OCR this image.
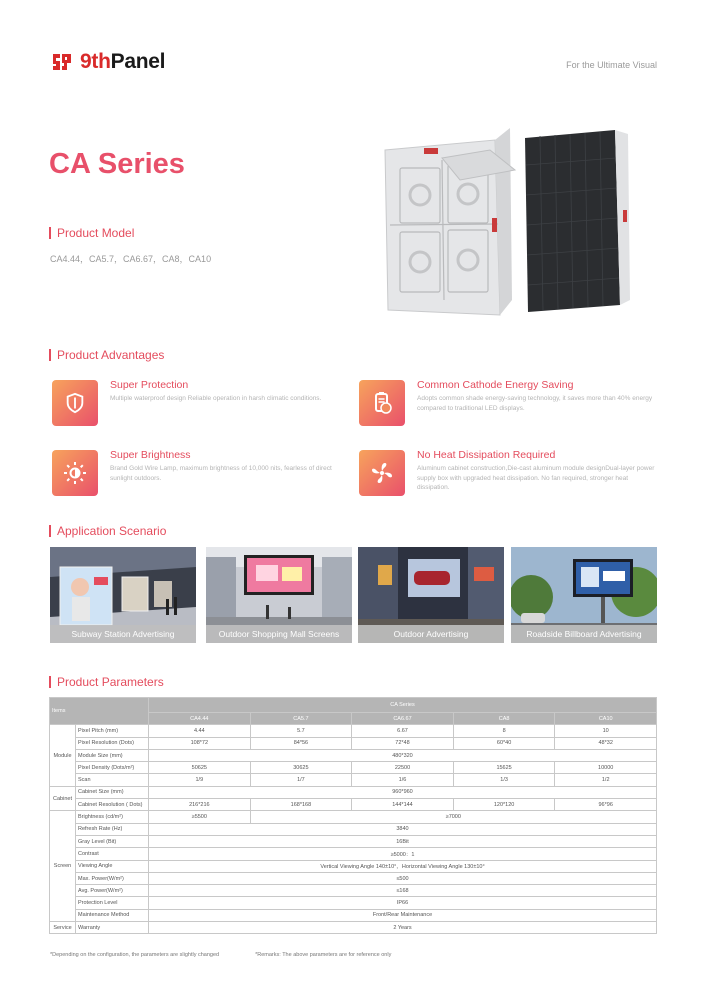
9thPanel	For the Ultimate Visual
CA Series
Product Model
CA4.44，CA5.7，CA6.67，CA8，CA10
Product Advantages
Super Protection
Multiple waterproof design Reliable operation in harsh climatic conditions.
Common Cathode Energy Saving
Adopts common shade energy-saving technology, it saves more than 40% energy compared to traditional LED displays.
Super Brightness
Brand Gold Wire Lamp, maximum brightness of 10,000 nits, fearless of direct sunlight outdoors.
No Heat Dissipation Required
Aluminum cabinet construction,Die-cast aluminum module designDual-layer power supply box with upgraded heat dissipation. No fan required, stronger heat dissipation.
Application Scenario
Subway Station Advertising	Outdoor Shopping Mall Screens	Outdoor Advertising	Roadside Billboard Advertising
Product Parameters
Items		CA Series				
		CA4.44	CA5.7	CA6.67	CA8	CA10
Module	Pixel Pitch (mm)	4.44	5.7	6.67	8	10
	Pixel Resolution (Dots)	108*72	84*56	72*48	60*40	48*32
	Module Size (mm)	480*320				
	Pixel Density (Dots/m²)	50625	30625	22500	15625	10000
	Scan	1/9	1/7	1/6	1/3	1/2
Cabinet	Cabinet Size (mm)	960*960				
	Cabinet Resolution ( Dots)	216*216	168*168	144*144	120*120	96*96
Screen	Brightness (cd/m²)	≥5500	≥7000			
	Refresh Rate (Hz)	3840				
	Gray Level (Bit)	16Bit				
	Contrast	≥5000：1				
	Viewing Angle	Vertical Viewing Angle 140±10°，Horizontal Viewing Angle 130±10°				
	Max. Power(W/m²)	≤500				
	Avg. Power(W/m²)	≤168				
	Protection Level	IP66				
	Maintenance Method	Front/Rear Maintenance				
Service	Warranty	2 Years				
*Depending on the configuration, the parameters are slightly changed	*Remarks: The above parameters are for reference only
